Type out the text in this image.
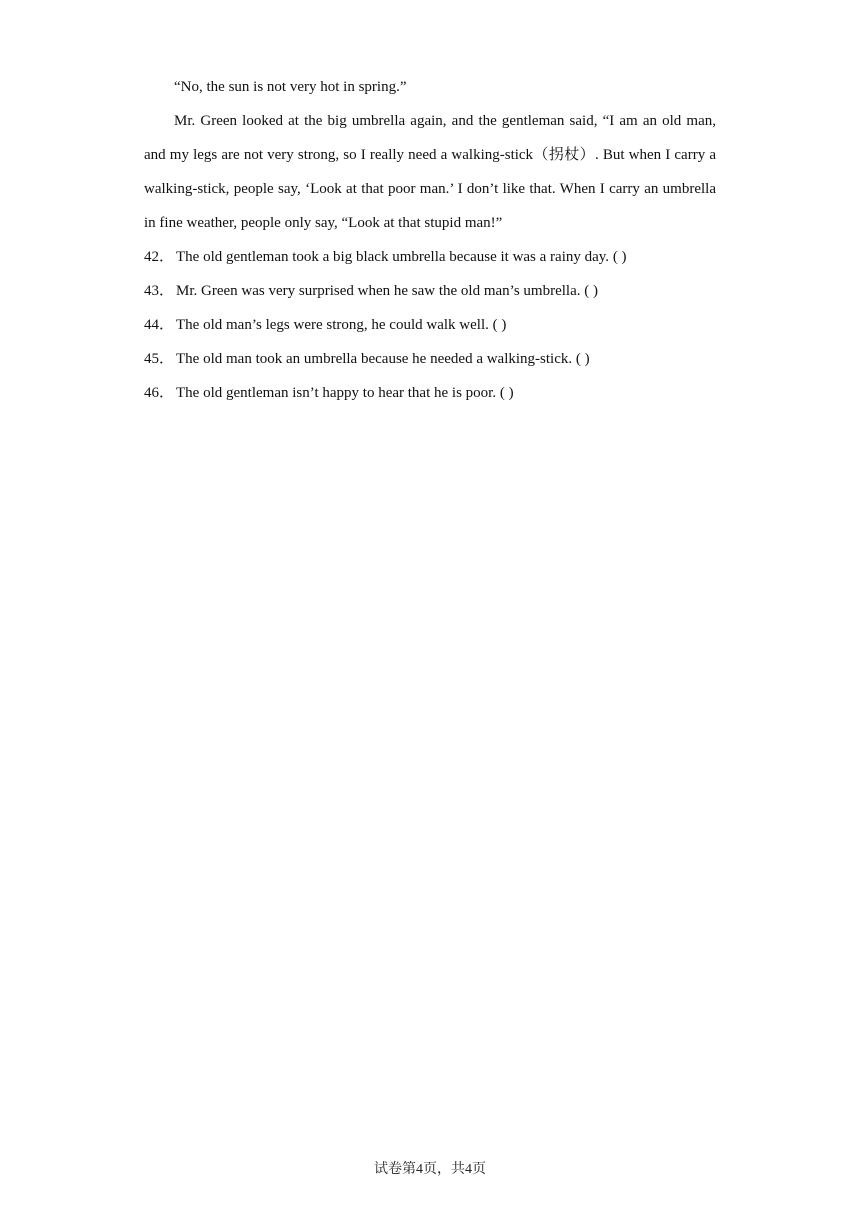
“No, the sun is not very hot in spring.”

Mr. Green looked at the big umbrella again, and the gentleman said, “I am an old man, and my legs are not very strong, so I really need a walking-stick（拐杖）. But when I carry a walking-stick, people say, ‘Look at that poor man.’ I don’t like that. When I carry an umbrella in fine weather, people only say, “Look at that stupid man!”

42． The old gentleman took a big black umbrella because it was a rainy day. ( )

43． Mr. Green was very surprised when he saw the old man’s umbrella. ( )

44． The old man’s legs were strong, he could walk well. ( )

45． The old man took an umbrella because he needed a walking-stick. ( )

46． The old gentleman isn’t happy to hear that he is poor. ( )

试卷第4页，共4页
